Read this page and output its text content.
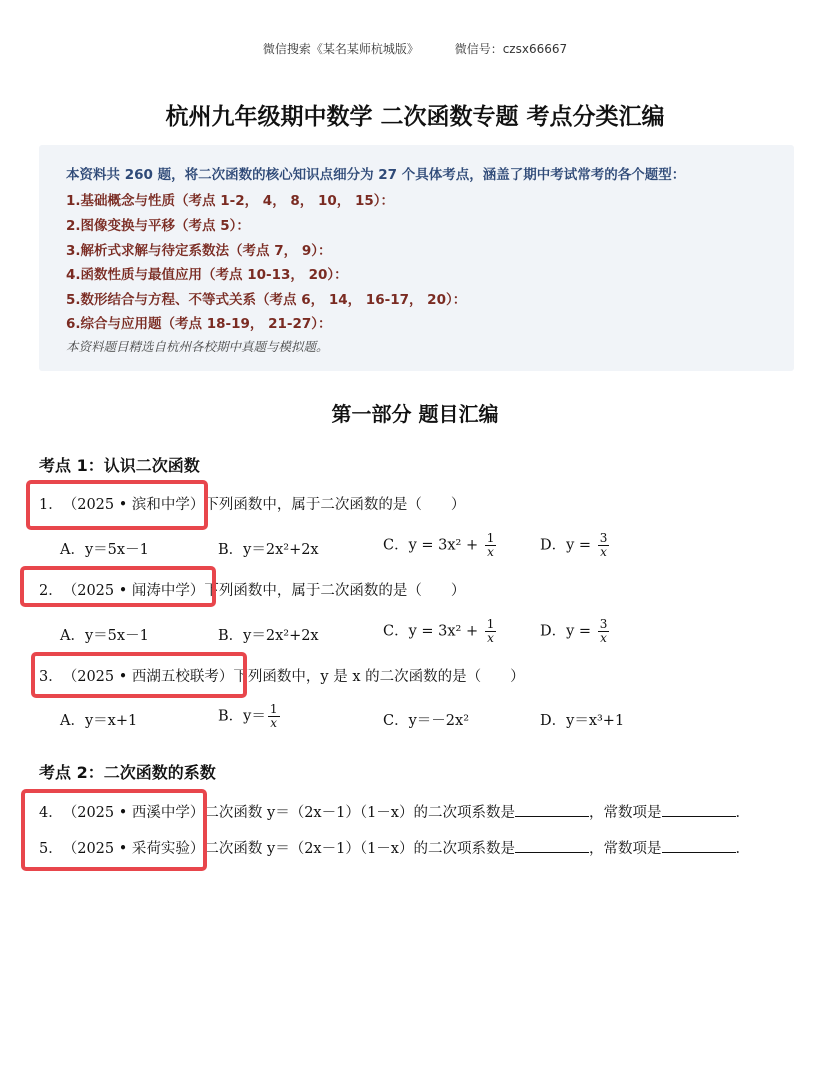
微信搜索《某名某师杭城版》	微信号：czsx66667
杭州九年级期中数学 二次函数专题 考点分类汇编
本资料共 260 题，将二次函数的核心知识点细分为 27 个具体考点，涵盖了期中考试常考的各个题型：
1.基础概念与性质（考点 1-2， 4， 8， 10， 15）：
2.图像变换与平移（考点 5）：
3.解析式求解与待定系数法（考点 7， 9）：
4.函数性质与最值应用（考点 10-13， 20）：
5.数形结合与方程、不等式关系（考点 6， 14， 16-17， 20）：
6.综合与应用题（考点 18-19， 21-27）：
本资料题目精选自杭州各校期中真题与模拟题。
第一部分 题目汇编
考点 1：认识二次函数
1．（2025 • 滨和中学）下列函数中，属于二次函数的是（　　）
A．y＝5x－1	B．y＝2x²+2x	C．$y = 3x^2 + \frac{1}{x}$	D．$y = \frac{3}{x}$
2．（2025 • 闻涛中学）下列函数中，属于二次函数的是（　　）
A．y＝5x－1	B．y＝2x²+2x	C．$y = 3x^2 + \frac{1}{x}$	D．$y = \frac{3}{x}$
3．（2025 • 西湖五校联考）下列函数中，y 是 x 的二次函数的是（　　）
A．y＝x+1	B．$y= \frac{1}{x}$	C．y＝－2x²	D．y＝x³+1
考点 2：二次函数的系数
4．（2025 • 西溪中学）二次函数 y＝（2x－1）（1－x）的二次项系数是	，常数项是	．
5．（2025 • 采荷实验）二次函数 y＝（2x－1）（1－x）的二次项系数是	，常数项是	．
